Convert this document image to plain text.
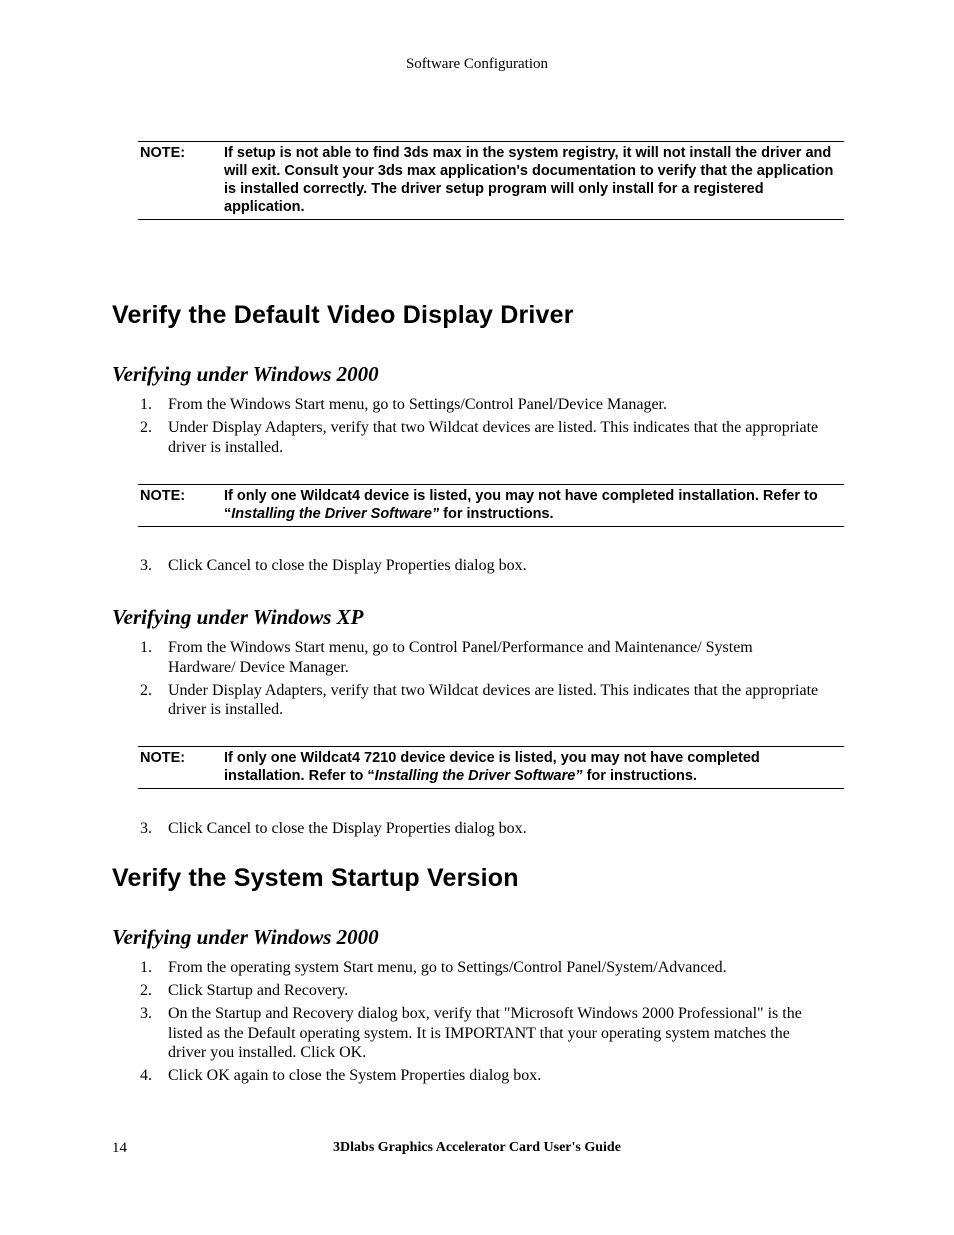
Software Configuration
NOTE:	If setup is not able to find 3ds max in the system registry, it will not install the driver and will exit. Consult your 3ds max application's documentation to verify that the application is installed correctly. The driver setup program will only install for a registered application.
Verify the Default Video Display Driver
Verifying under Windows 2000
1. From the Windows Start menu, go to Settings/Control Panel/Device Manager.
2. Under Display Adapters, verify that two Wildcat devices are listed. This indicates that the appropriate driver is installed.
NOTE:	If only one Wildcat4 device is listed, you may not have completed installation. Refer to “Installing the Driver Software” for instructions.
3. Click Cancel to close the Display Properties dialog box.
Verifying under Windows XP
1. From the Windows Start menu, go to Control Panel/Performance and Maintenance/ System Hardware/ Device Manager.
2. Under Display Adapters, verify that two Wildcat devices are listed. This indicates that the appropriate driver is installed.
NOTE:	If only one Wildcat4 7210 device device is listed, you may not have completed installation. Refer to “Installing the Driver Software” for instructions.
3. Click Cancel to close the Display Properties dialog box.
Verify the System Startup Version
Verifying under Windows 2000
1. From the operating system Start menu, go to Settings/Control Panel/System/Advanced.
2. Click Startup and Recovery.
3. On the Startup and Recovery dialog box, verify that "Microsoft Windows 2000 Professional" is the listed as the Default operating system. It is IMPORTANT that your operating system matches the driver you installed. Click OK.
4. Click OK again to close the System Properties dialog box.
14	3Dlabs Graphics Accelerator Card User's Guide
